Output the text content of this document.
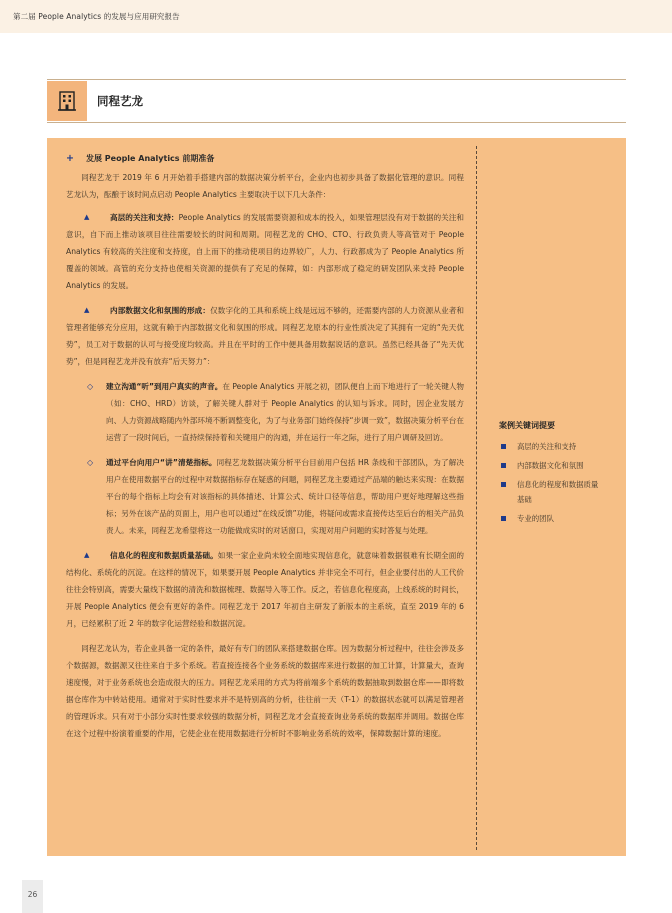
第二届 People Analytics 的发展与应用研究报告
同程艺龙
+ 发展 People Analytics 前期准备
同程艺龙于 2019 年 6 月开始着手搭建内部的数据决策分析平台，企业内也初步具备了数据化管理的意识。同程艺龙认为，酝酿于该时间点启动 People Analytics 主要取决于以下几大条件：
▲	高层的关注和支持：People Analytics 的发展需要资源和成本的投入，如果管理层没有对于数据的关注和意识，自下而上推动该项目往往需要较长的时间和周期。同程艺龙的 CHO、CTO、行政负责人等高管对于 People Analytics 有较高的关注度和支持度，自上而下的推动使项目的边界较广，人力、行政都成为了 People Analytics 所覆盖的领域。高管的充分支持也使相关资源的提供有了充足的保障，如：内部形成了稳定的研发团队来支持 People Analytics 的发展。
▲	内部数据文化和氛围的形成：仅数字化的工具和系统上线是远远不够的，还需要内部的人力资源从业者和管理者能够充分应用，这就有赖于内部数据文化和氛围的形成。同程艺龙原本的行业性质决定了其拥有一定的“先天优势”，员工对于数据的认可与接受度均较高。并且在平时的工作中便具备用数据说话的意识。虽然已经具备了“先天优势”，但是同程艺龙并没有放弃“后天努力”：
◇ 建立沟通“听”到用户真实的声音。在 People Analytics 开展之初，团队便自上而下地进行了一轮关键人物（如：CHO、HRD）访谈，了解关键人群对于 People Analytics 的认知与诉求。同时，因企业发展方向、人力资源战略随内外部环境不断调整变化，为了与业务部门始终保持“步调一致”，数据决策分析平台在运营了一段时间后，一直持续保持着和关键用户的沟通，并在运行一年之际，进行了用户调研及回访。
◇ 通过平台向用户“讲”清楚指标。同程艺龙数据决策分析平台目前用户包括 HR 条线和干部团队，为了解决用户在使用数据平台的过程中对数据指标存在疑惑的问题，同程艺龙主要通过产品端的触达来实现：在数据平台的每个指标上均会有对该指标的具体描述、计算公式、统计口径等信息，帮助用户更好地理解这些指标；另外在该产品的页面上，用户也可以通过“在线反馈”功能，将疑问或需求直接传达至后台的相关产品负责人。未来，同程艺龙希望将这一功能做成实时的对话窗口，实现对用户问题的实时答复与处理。
▲	信息化的程度和数据质量基础。如果一家企业尚未较全面地实现信息化，就意味着数据很难有长期全面的结构化、系统化的沉淀。在这样的情况下，如果要开展 People Analytics 并非完全不可行，但企业要付出的人工代价往往会特别高，需要大量线下数据的清洗和数据梳理、数据导入等工作。反之，若信息化程度高，上线系统的时间长，开展 People Analytics 便会有更好的条件。同程艺龙于 2017 年初自主研发了新版本的主系统，直至 2019 年的 6 月，已经累积了近 2 年的数字化运营经验和数据沉淀。
同程艺龙认为，若企业具备一定的条件，最好有专门的团队来搭建数据仓库。因为数据分析过程中，往往会涉及多个数据源，数据源又往往来自于多个系统。若直接连接各个业务系统的数据库来进行数据的加工计算，计算量大，查询速度慢，对于业务系统也会造成很大的压力。同程艺龙采用的方式为将前端多个系统的数据抽取到数据仓库——即将数据仓库作为中转站使用。通常对于实时性要求并不是特别高的分析，往往前一天（T-1）的数据状态就可以满足管理者的管理诉求。只有对于小部分实时性要求较强的数据分析，同程艺龙才会直接查询业务系统的数据库并调用。数据仓库在这个过程中扮演着重要的作用，它使企业在使用数据进行分析时不影响业务系统的效率，保障数据计算的速度。
案例关键词提要
高层的关注和支持
内部数据文化和氛围
信息化的程度和数据质量基础
专业的团队
26
